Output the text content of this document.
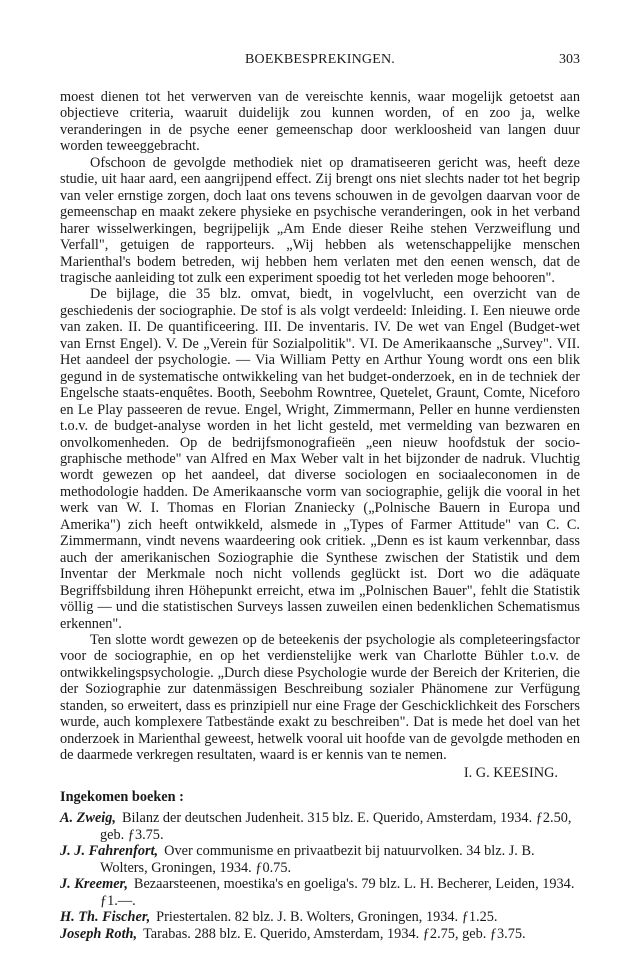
BOEKBESPREKINGEN.	303

moest dienen tot het verwerven van de vereischte kennis, waar mogelijk getoetst aan objectieve criteria, waaruit duidelijk zou kunnen worden, of en zoo ja, welke veranderingen in de psyche eener gemeenschap door werkloosheid van langen duur worden teweeggebracht.

Ofschoon de gevolgde methodiek niet op dramatiseeren gericht was, heeft deze studie, uit haar aard, een aangrijpend effect. Zij brengt ons niet slechts nader tot het begrip van veler ernstige zorgen, doch laat ons tevens schouwen in de gevolgen daarvan voor de gemeenschap en maakt zekere physieke en psychische veranderingen, ook in het verband harer wisselwerkingen, begrijpelijk „Am Ende dieser Reihe stehen Verzweiflung und Verfall", getuigen de rapporteurs. „Wij hebben als wetenschappelijke menschen Marienthal's bodem betreden, wij hebben hem verlaten met den eenen wensch, dat de tragische aanleiding tot zulk een experiment spoedig tot het verleden moge behooren".

De bijlage, die 35 blz. omvat, biedt, in vogelvlucht, een overzicht van de geschiedenis der sociographie. De stof is als volgt verdeeld: Inleiding. I. Een nieuwe orde van zaken. II. De quantificeering. III. De inventaris. IV. De wet van Engel (Budget-wet van Ernst Engel). V. De „Verein für Sozialpolitik". VI. De Amerikaansche „Survey". VII. Het aandeel der psychologie. — Via William Petty en Arthur Young wordt ons een blik gegund in de systematische ontwikkeling van het budget-onderzoek, en in de techniek der Engelsche staats-enquêtes. Booth, Seebohm Rowntree, Quetelet, Graunt, Comte, Niceforo en Le Play passeeren de revue. Engel, Wright, Zimmermann, Peller en hunne verdiensten t.o.v. de budget-analyse worden in het licht gesteld, met vermelding van bezwaren en onvolkomenheden. Op de bedrijfsmonografieën „een nieuw hoofdstuk der sociographische methode" van Alfred en Max Weber valt in het bijzonder de nadruk. Vluchtig wordt gewezen op het aandeel, dat diverse sociologen en sociaaleconomen in de methodologie hadden. De Amerikaansche vorm van sociographie, gelijk die vooral in het werk van W. I. Thomas en Florian Znaniecky („Polnische Bauern in Europa und Amerika") zich heeft ontwikkeld, alsmede in „Types of Farmer Attitude" van C. C. Zimmermann, vindt nevens waardeering ook critiek. „Denn es ist kaum verkennbar, dass auch der amerikanischen Soziographie die Synthese zwischen der Statistik und dem Inventar der Merkmale noch nicht vollends geglückt ist. Dort wo die adäquate Begriffsbildung ihren Höhepunkt erreicht, etwa im „Polnischen Bauer", fehlt die Statistik völlig — und die statistischen Surveys lassen zuweilen einen bedenklichen Schematismus erkennen".

Ten slotte wordt gewezen op de beteekenis der psychologie als completeeringsfactor voor de sociographie, en op het verdienstelijke werk van Charlotte Bühler t.o.v. de ontwikkelingspsychologie. „Durch diese Psychologie wurde der Bereich der Kriterien, die der Soziographie zur datenmässigen Beschreibung sozialer Phänomene zur Verfügung standen, so erweitert, dass es prinzipiell nur eine Frage der Geschicklichkeit des Forschers wurde, auch komplexere Tatbestände exakt zu beschreiben". Dat is mede het doel van het onderzoek in Marienthal geweest, hetwelk vooral uit hoofde van de gevolgde methoden en de daarmede verkregen resultaten, waard is er kennis van te nemen.

I. G. KEESING.

Ingekomen boeken :

A. Zweig, Bilanz der deutschen Judenheit. 315 blz. E. Querido, Amsterdam, 1934. ƒ2.50, geb. ƒ3.75.
J. J. Fahrenfort, Over communisme en privaatbezit bij natuurvolken. 34 blz. J. B. Wolters, Groningen, 1934. ƒ0.75.
J. Kreemer, Bezaarsteenen, moestika's en goeliga's. 79 blz. L. H. Becherer, Leiden, 1934. ƒ1.—.
H. Th. Fischer, Priestertalen. 82 blz. J. B. Wolters, Groningen, 1934. ƒ1.25.
Joseph Roth, Tarabas. 288 blz. E. Querido, Amsterdam, 1934. ƒ2.75, geb. ƒ3.75.
